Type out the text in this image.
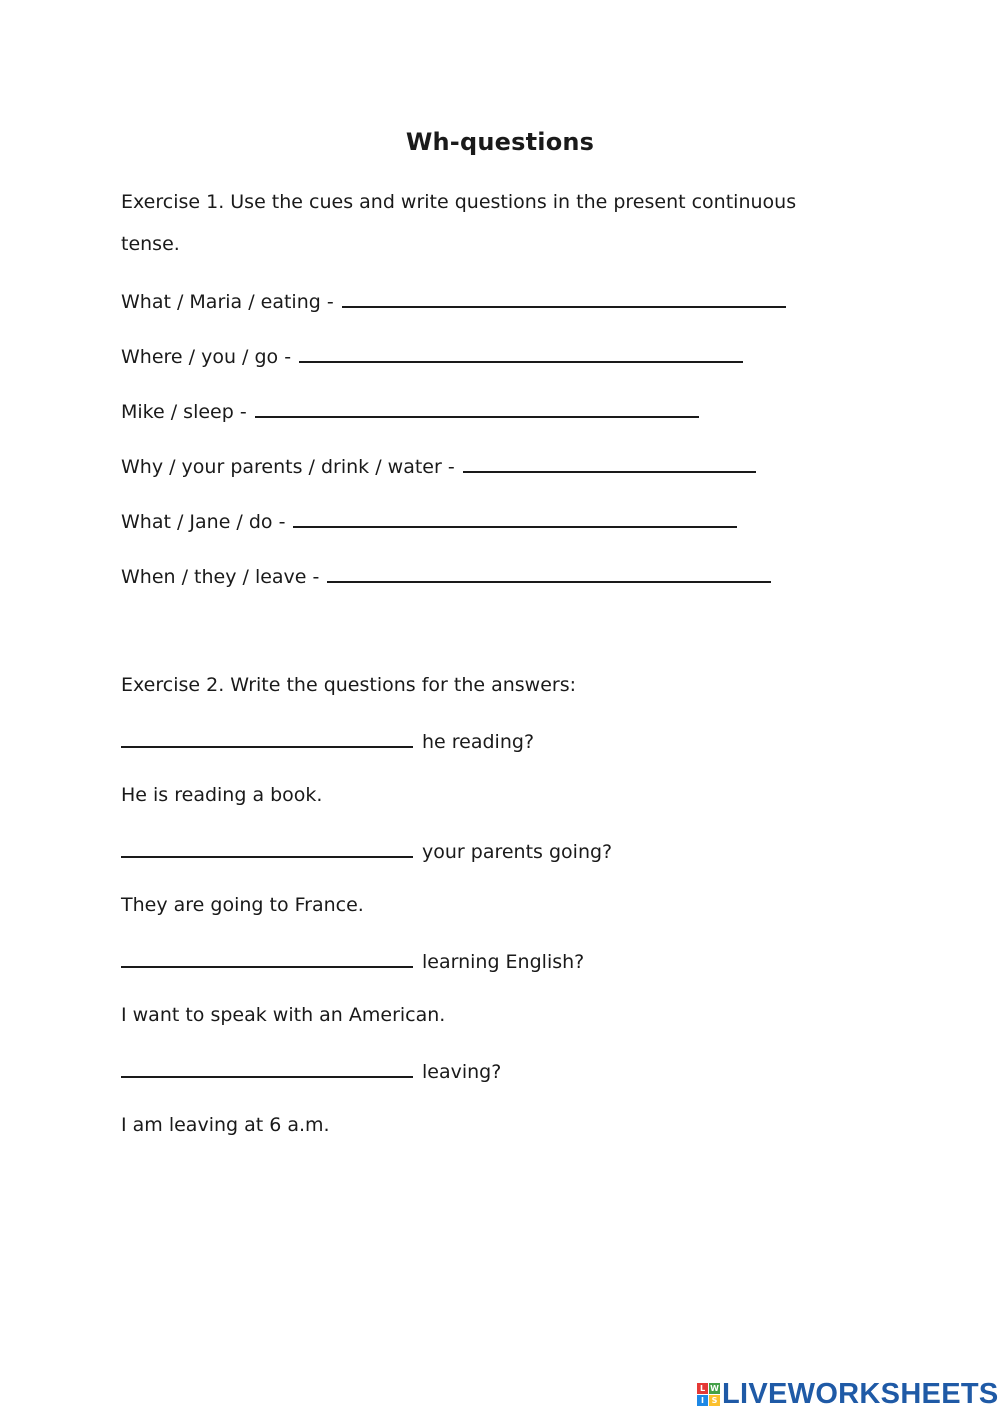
Wh-questions
Exercise 1. Use the cues and write questions in the present continuous
tense.
What / Maria / eating -
Where / you / go -
Mike / sleep -
Why / your parents / drink / water -
What / Jane / do -
When / they / leave -
Exercise 2. Write the questions for the answers:
he reading?
He is reading a book.
your parents going?
They are going to France.
learning English?
I want to speak with an American.
leaving?
I am leaving at 6 a.m.
L W
I S LIVEWORKSHEETS
